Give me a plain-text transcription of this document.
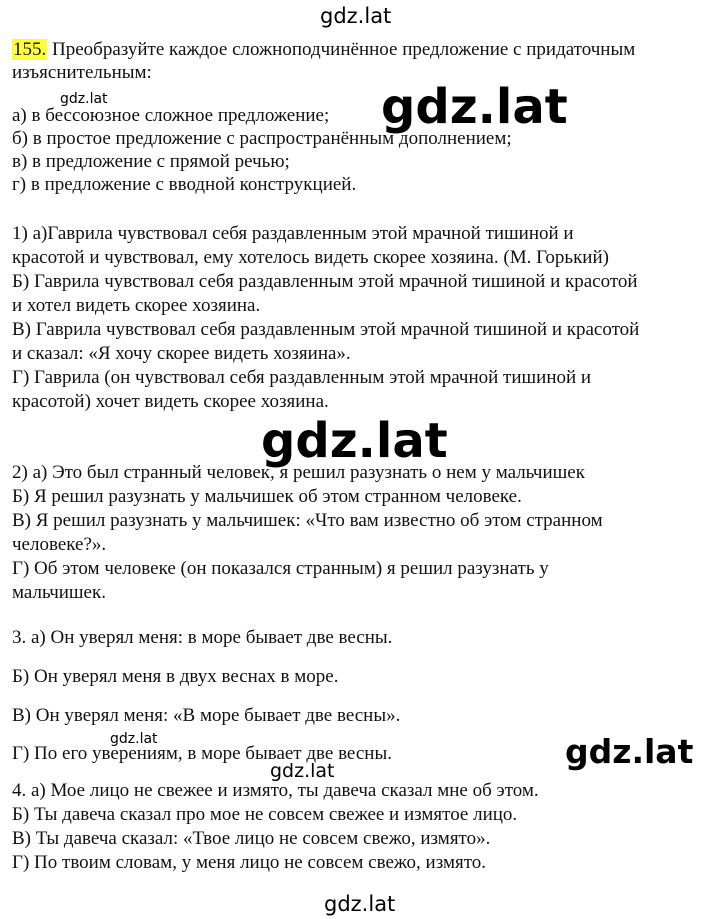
gdz.lat
155. Преобразуйте каждое сложноподчинённое предложение с придаточным
изъяснительным:
gdz.lat
а) в бессоюзное сложное предложение;
б) в простое предложение с распространённым дополнением;
в) в предложение с прямой речью;
г) в предложение с вводной конструкцией.
gdz.lat
1) а)Гаврила чувствовал себя раздавленным этой мрачной тишиной и
красотой и чувствовал, ему хотелось видеть скорее хозяина. (М. Горький)
Б) Гаврила чувствовал себя раздавленным этой мрачной тишиной и красотой
и хотел видеть скорее хозяина.
В) Гаврила чувствовал себя раздавленным этой мрачной тишиной и красотой
и сказал: «Я хочу скорее видеть хозяина».
Г) Гаврила (он чувствовал себя раздавленным этой мрачной тишиной и
красотой) хочет видеть скорее хозяина.
gdz.lat
2) а) Это был странный человек, я решил разузнать о нем у мальчишек
Б) Я решил разузнать у мальчишек об этом странном человеке.
В) Я решил разузнать у мальчишек: «Что вам известно об этом странном
человеке?».
Г) Об этом человеке (он показался странным) я решил разузнать у
мальчишек.
3. а) Он уверял меня: в море бывает две весны.
Б) Он уверял меня в двух веснах в море.
В) Он уверял меня: «В море бывает две весны».
gdz.lat
Г) По его уверениям, в море бывает две весны.	gdz.lat
gdz.lat
4. а) Мое лицо не свежее и измято, ты давеча сказал мне об этом.
Б) Ты давеча сказал про мое не совсем свежее и измятое лицо.
В) Ты давеча сказал: «Твое лицо не совсем свежо, измято».
Г) По твоим словам, у меня лицо не совсем свежо, измято.
gdz.lat
